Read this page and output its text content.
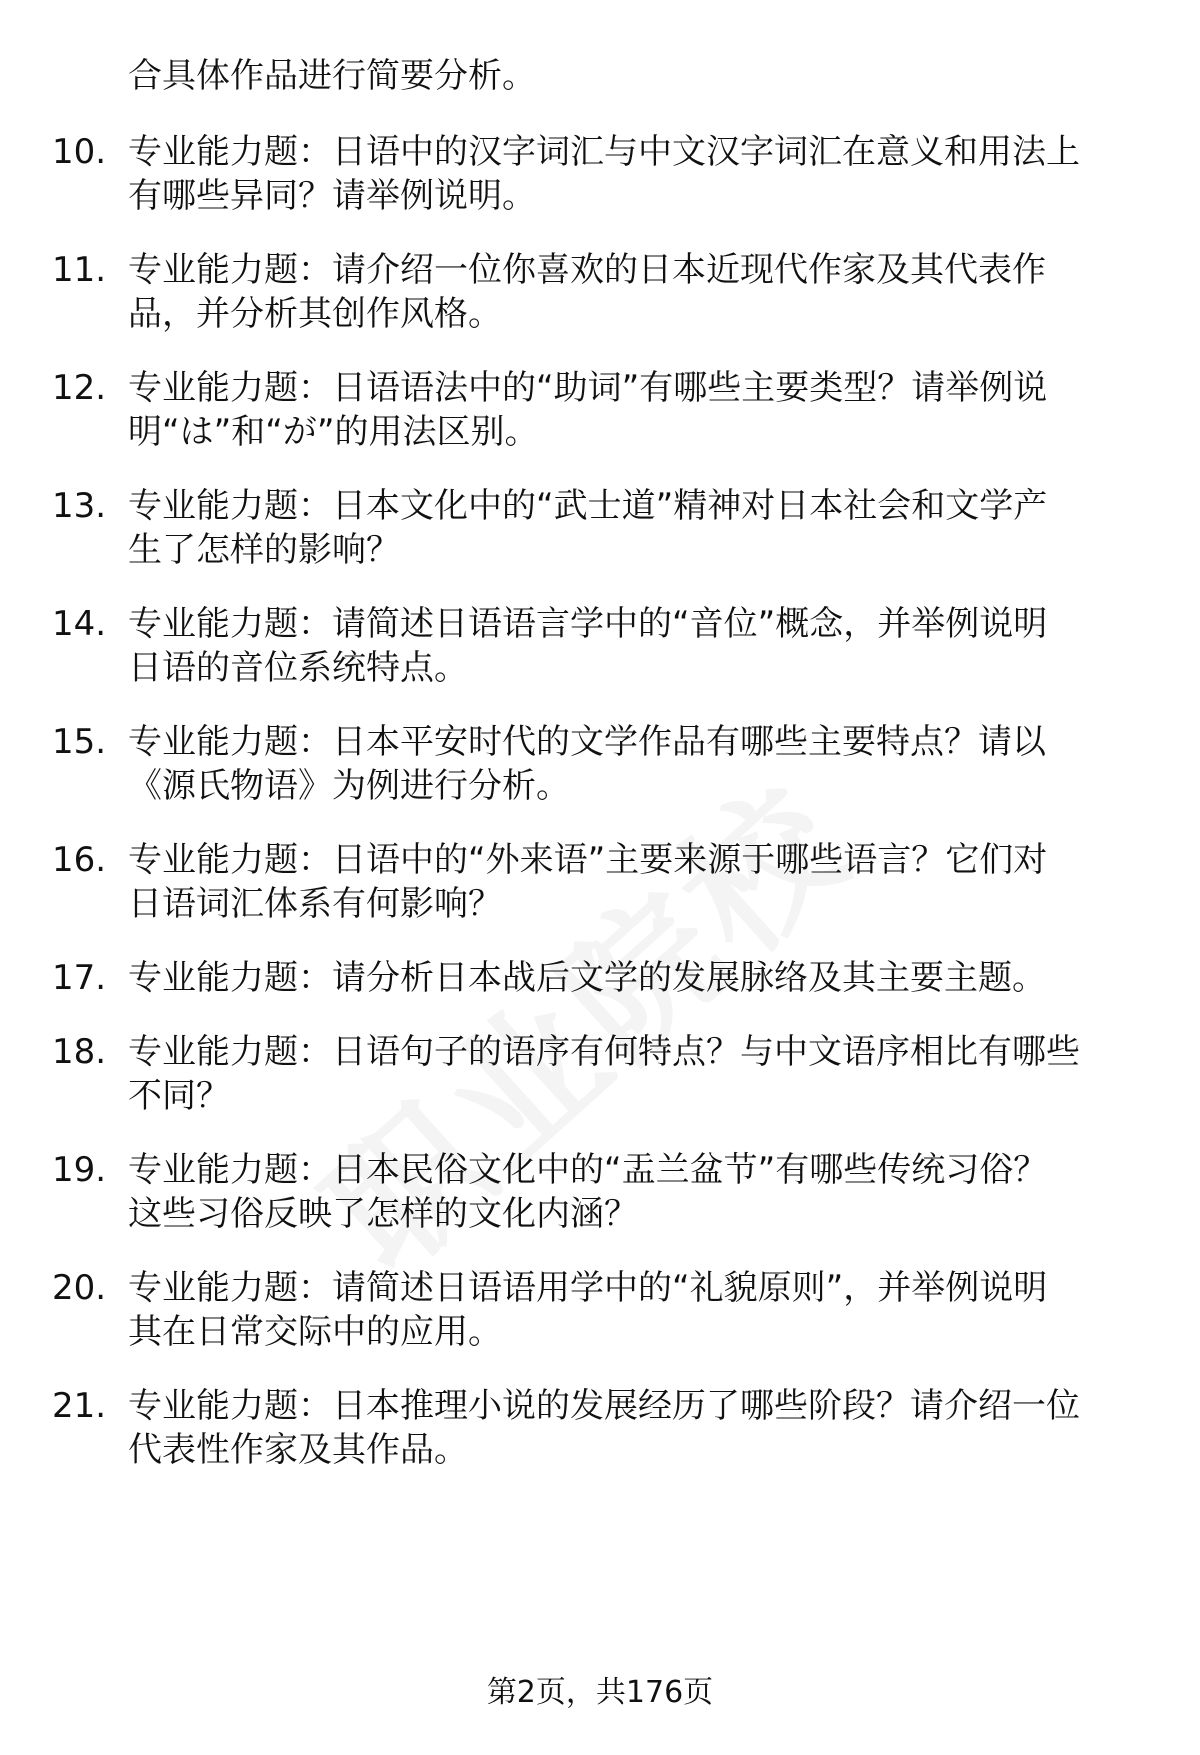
合具体作品进行简要分析。
10. 专业能力题：日语中的汉字词汇与中文汉字词汇在意义和用法上
有哪些异同？请举例说明。
11. 专业能力题：请介绍一位你喜欢的日本近现代作家及其代表作
品，并分析其创作风格。
12. 专业能力题：日语语法中的“助词”有哪些主要类型？请举例说
明“は”和“が”的用法区别。
13. 专业能力题：日本文化中的“武士道”精神对日本社会和文学产
生了怎样的影响？
14. 专业能力题：请简述日语语言学中的“音位”概念，并举例说明
日语的音位系统特点。
15. 专业能力题：日本平安时代的文学作品有哪些主要特点？请以
《源氏物语》为例进行分析。
16. 专业能力题：日语中的“外来语”主要来源于哪些语言？它们对
日语词汇体系有何影响？
17. 专业能力题：请分析日本战后文学的发展脉络及其主要主题。
18. 专业能力题：日语句子的语序有何特点？与中文语序相比有哪些
不同？
19. 专业能力题：日本民俗文化中的“盂兰盆节”有哪些传统习俗？
这些习俗反映了怎样的文化内涵？
20. 专业能力题：请简述日语语用学中的“礼貌原则”，并举例说明
其在日常交际中的应用。
21. 专业能力题：日本推理小说的发展经历了哪些阶段？请介绍一位
代表性作家及其作品。
第2页，共176页
